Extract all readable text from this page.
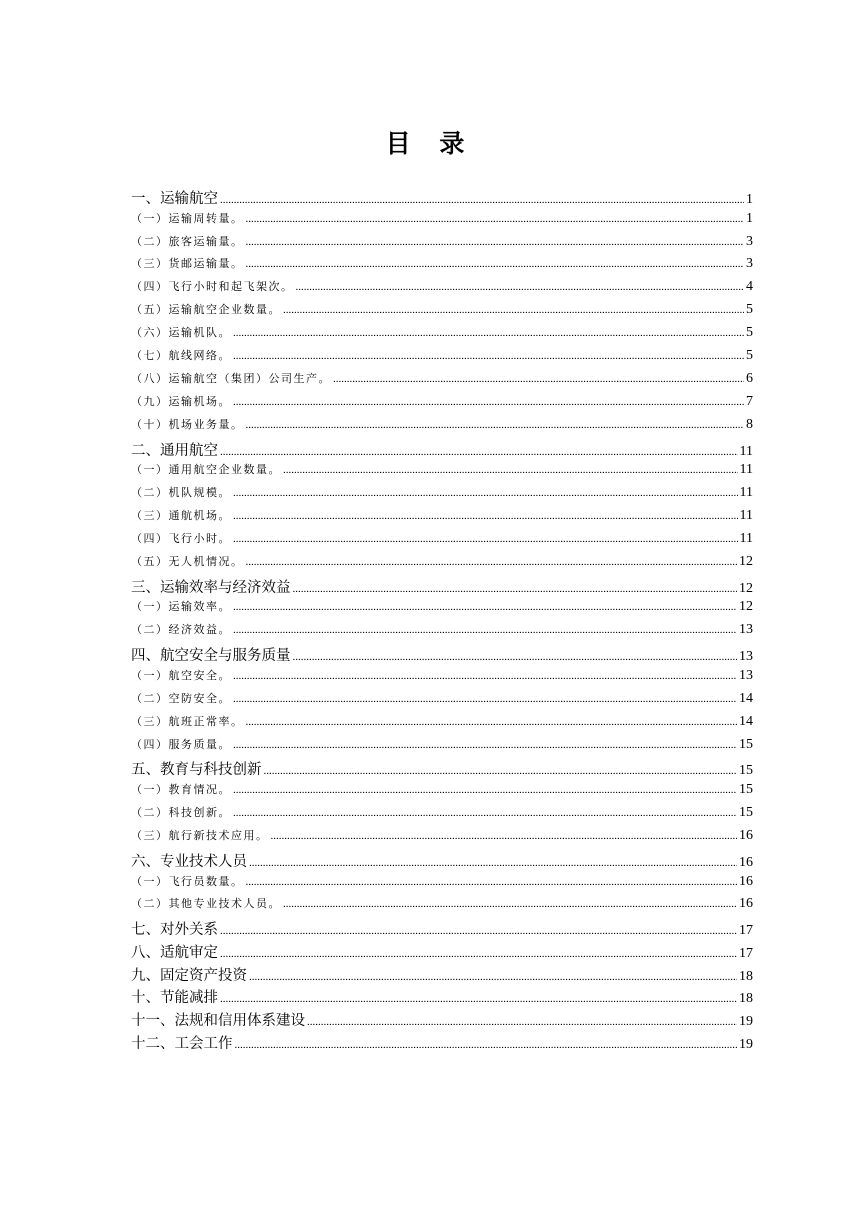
目 录
一、运输航空 .....	1
（一）运输周转量。 .....	1
（二）旅客运输量。 .....	3
（三）货邮运输量。 .....	3
（四）飞行小时和起飞架次。 .....	4
（五）运输航空企业数量。 .....	5
（六）运输机队。 .....	5
（七）航线网络。 .....	5
（八）运输航空（集团）公司生产。 .....	6
（九）运输机场。 .....	7
（十）机场业务量。 .....	8
二、通用航空 .....	11
（一）通用航空企业数量。 .....	11
（二）机队规模。 .....	11
（三）通航机场。 .....	11
（四）飞行小时。 .....	11
（五）无人机情况。 .....	12
三、运输效率与经济效益 .....	12
（一）运输效率。 .....	12
（二）经济效益。 .....	13
四、航空安全与服务质量 .....	13
（一）航空安全。 .....	13
（二）空防安全。 .....	14
（三）航班正常率。 .....	14
（四）服务质量。 .....	15
五、教育与科技创新 .....	15
（一）教育情况。 .....	15
（二）科技创新。 .....	15
（三）航行新技术应用。 .....	16
六、专业技术人员 .....	16
（一）飞行员数量。 .....	16
（二）其他专业技术人员。 .....	16
七、对外关系 .....	17
八、适航审定 .....	17
九、固定资产投资 .....	18
十、节能减排 .....	18
十一、法规和信用体系建设 .....	19
十二、工会工作 .....	19
